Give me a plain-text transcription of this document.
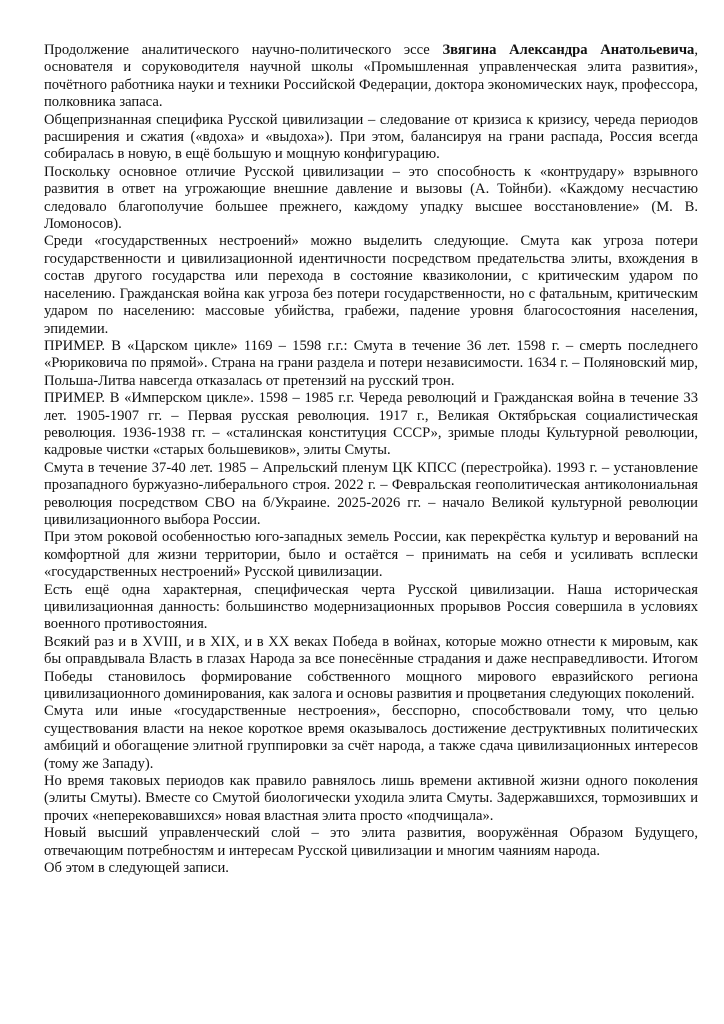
Продолжение аналитического научно-политического эссе Звягина Александра Анатольевича, основателя и соруководителя научной школы «Промышленная управленческая элита развития», почётного работника науки и техники Российской Федерации, доктора экономических наук, профессора, полковника запаса.

Общепризнанная специфика Русской цивилизации – следование от кризиса к кризису, череда периодов расширения и сжатия («вдоха» и «выдоха»). При этом, балансируя на грани распада, Россия всегда собиралась в новую, в ещё большую и мощную конфигурацию.

Поскольку основное отличие Русской цивилизации – это способность к «контрудару» взрывного развития в ответ на угрожающие внешние давление и вызовы (А. Тойнби). «Каждому несчастию следовало благополучие большее прежнего, каждому упадку высшее восстановление» (М. В. Ломоносов).

Среди «государственных нестроений» можно выделить следующие. Смута как угроза потери государственности и цивилизационной идентичности посредством предательства элиты, вхождения в состав другого государства или перехода в состояние квазиколонии, с критическим ударом по населению. Гражданская война как угроза без потери государственности, но с фатальным, критическим ударом по населению: массовые убийства, грабежи, падение уровня благосостояния населения, эпидемии.

ПРИМЕР. В «Царском цикле» 1169 – 1598 г.г.: Смута в течение 36 лет. 1598 г. – смерть последнего «Рюриковича по прямой». Страна на грани раздела и потери независимости. 1634 г. – Поляновский мир, Польша-Литва навсегда отказалась от претензий на русский трон.

ПРИМЕР. В «Имперском цикле». 1598 – 1985 г.г. Череда революций и Гражданская война в течение 33 лет. 1905-1907 гг. – Первая русская революция. 1917 г., Великая Октябрьская социалистическая революция. 1936-1938 гг. – «сталинская конституция СССР», зримые плоды Культурной революции, кадровые чистки «старых большевиков», элиты Смуты.

Смута в течение 37-40 лет. 1985 – Апрельский пленум ЦК КПСС (перестройка). 1993 г. – установление прозападного буржуазно-либерального строя. 2022 г. – Февральская геополитическая антиколониальная революция посредством СВО на б/Украине. 2025-2026 гг. – начало Великой культурной революции цивилизационного выбора России.

При этом роковой особенностью юго-западных земель России, как перекрёстка культур и верований на комфортной для жизни территории, было и остаётся – принимать на себя и усиливать всплески «государственных нестроений» Русской цивилизации.

Есть ещё одна характерная, специфическая черта Русской цивилизации. Наша историческая цивилизационная данность: большинство модернизационных прорывов Россия совершила в условиях военного противостояния.

Всякий раз и в XVIII, и в XIX, и в XX веках Победа в войнах, которые можно отнести к мировым, как бы оправдывала Власть в глазах Народа за все понесённые страдания и даже несправедливости. Итогом Победы становилось формирование собственного мощного мирового евразийского региона цивилизационного доминирования, как залога и основы развития и процветания следующих поколений.

Смута или иные «государственные нестроения», бесспорно, способствовали тому, что целью существования власти на некое короткое время оказывалось достижение деструктивных политических амбиций и обогащение элитной группировки за счёт народа, а также сдача цивилизационных интересов (тому же Западу).

Но время таковых периодов как правило равнялось лишь времени активной жизни одного поколения (элиты Смуты). Вместе со Смутой биологически уходила элита Смуты. Задержавшихся, тормозивших и прочих «неперековавшихся» новая властная элита просто «подчищала».

Новый высший управленческий слой – это элита развития, вооружённая Образом Будущего, отвечающим потребностям и интересам Русской цивилизации и многим чаяниям народа.

Об этом в следующей записи.
